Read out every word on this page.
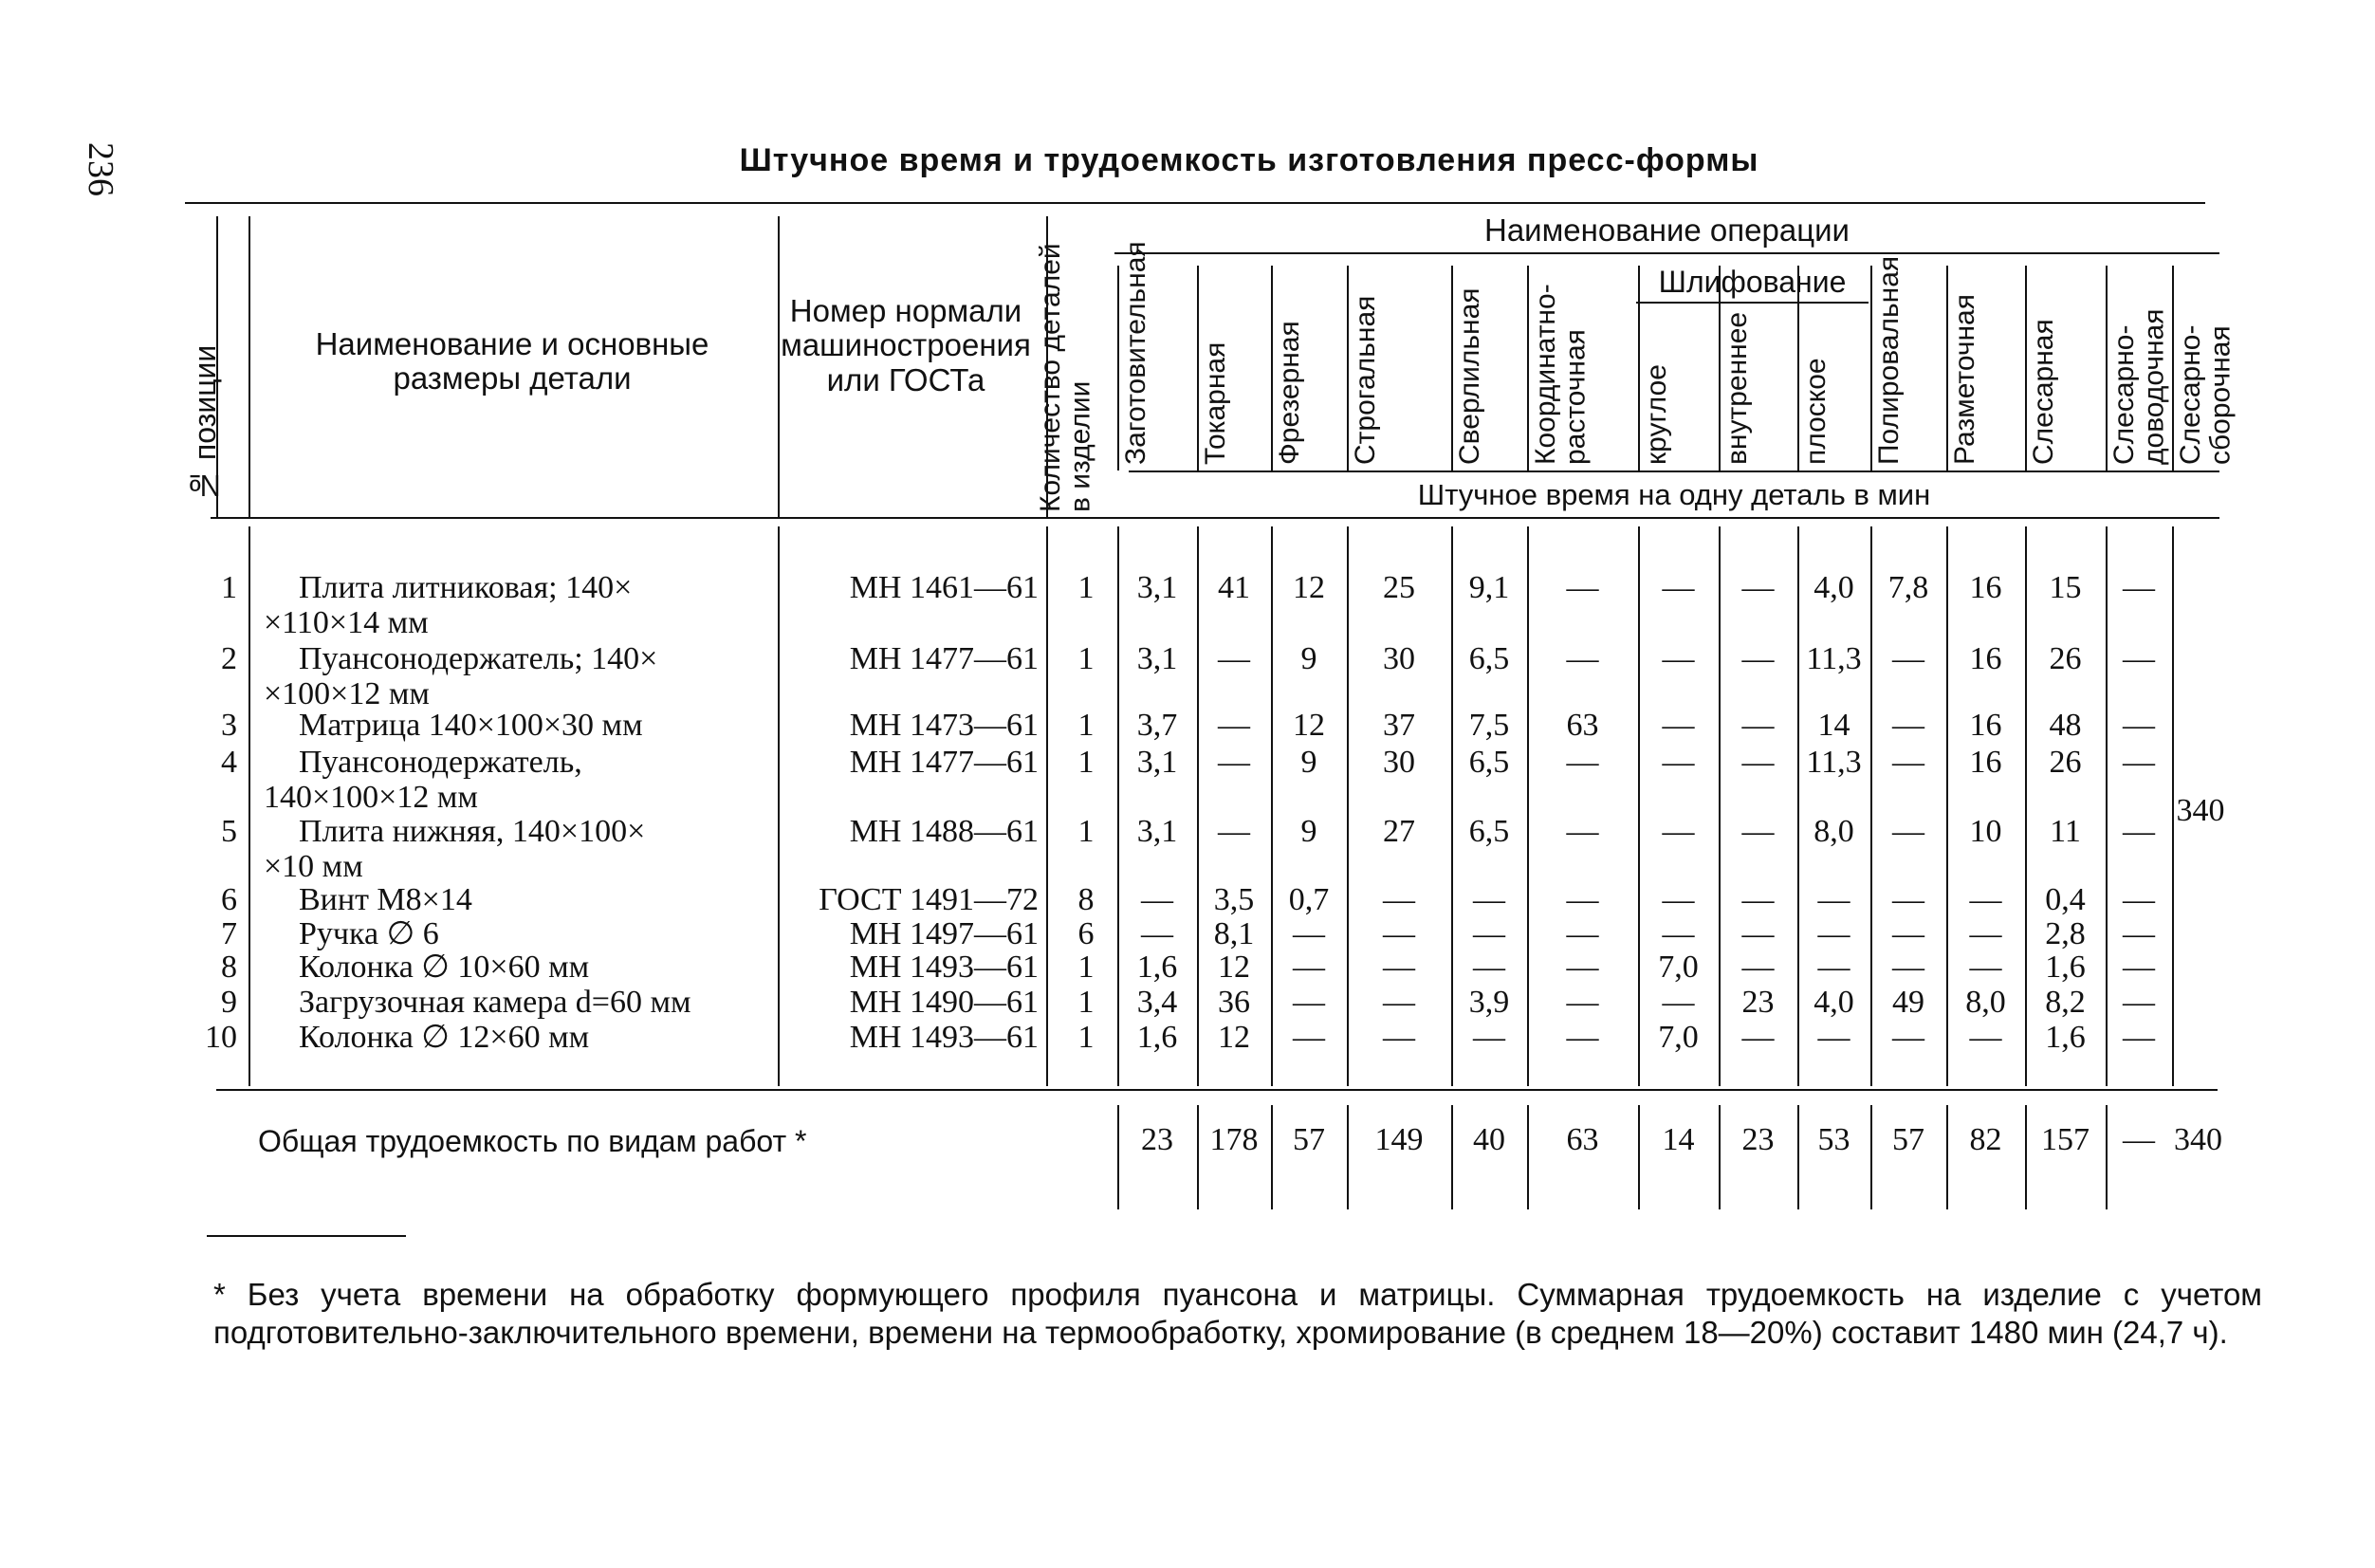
236	Штучное время и трудоемкость изготовления пресс-формы
№ позиции
Наименование и основные размеры детали
Номер нормали машиностроения или ГОСТа	Количество деталей в изделии
Наименование операции
Шлифование
Штучное время на одну деталь в мин
Заготовительная	Токарная	Фрезерная	Строгальная	Сверлильная	Координатно-расточная	круглое	внутреннее	плоское	Полировальная	Разметочная	Слесарная	Слесарно-доводочная Слесарно-сборочная
1 Плита литниковая; 140×
×110×14 мм
МН 1461—61	1	3,1	41	12	25	9,1	—	—	—	4,0	7,8	16	15	—
2 Пуансонодержатель; 140×
×100×12 мм
МН 1477—61	1	3,1	—	9	30	6,5	—	—	— 11,3 —	16	26	—
3 Матрица 140×100×30 мм	МН 1473—61	1	3,7	—	12	37	7,5	63	—	—	14	—	16	48	—
4 Пуансонодержатель,
140×100×12 мм
МН 1477—61	1	3,1	—	9	30	6,5	—	—	— 11,3 —	16	26	—
5 Плита нижняя, 140×100×
×10 мм
МН 1488—61	1	3,1	—	9	27	6,5	—	—	—	8,0	—	10	11	—
6 Винт М8×14	ГОСТ 1491—72	8	—	3,5	0,7	—	—	—	—	—	—	—	—	0,4	—
7 Ручка ∅ 6	МН 1497—61	6	—	8,1	—	—	—	—	—	—	—	—	—	2,8	—
8 Колонка ∅ 10×60 мм	МН 1493—61	1	1,6	12	—	—	—	—	7,0	—	—	—	—	1,6	—
9 Загрузочная камера d=60 мм	МН 1490—61	1	3,4	36	—	—	3,9	—	—	23	4,0	49	8,0	8,2	—
10 Колонка ∅ 12×60 мм	МН 1493—61	1	1,6	12	—	—	—	—	7,0	—	—	—	—	1,6	—
340
Общая трудоемкость по видам работ *	23	178	57	149	40	63	14	23	53	57	82	157	— 340
* Без учета времени на обработку формующего профиля пуансона и матрицы. Суммарная трудоемкость на изделие с учетом подготовительно-заключительного времени, времени на термообработку, хромирование (в среднем 18—20%) составит 1480 мин (24,7 ч).
